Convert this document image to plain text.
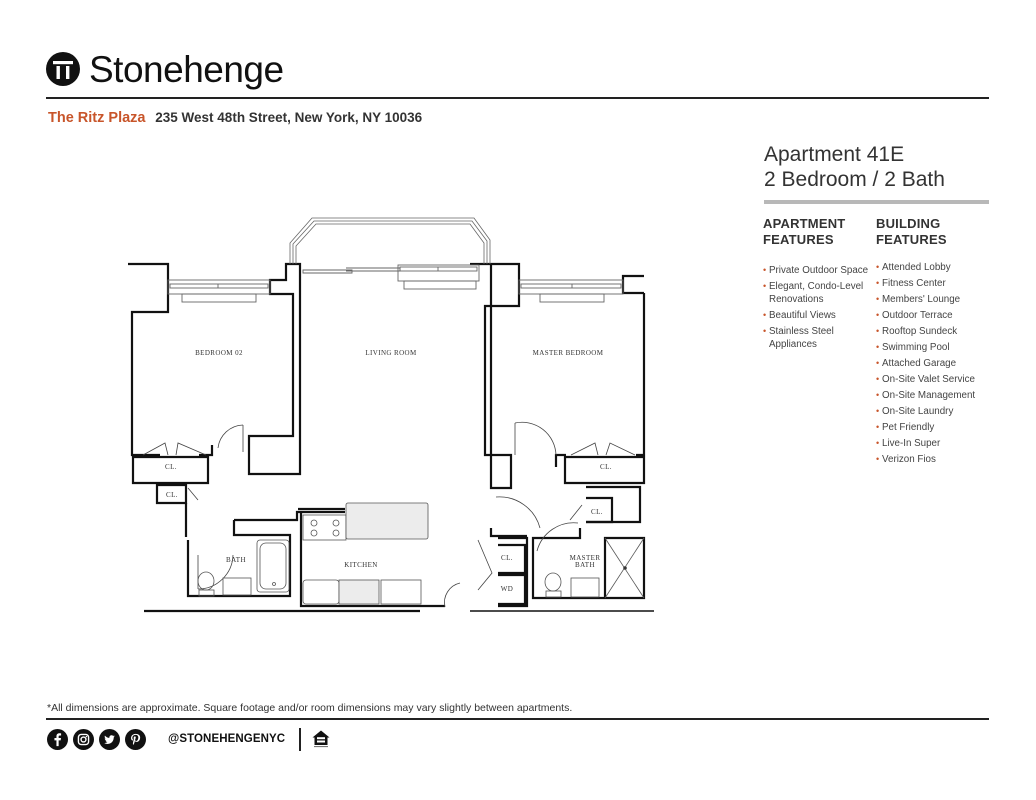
Stonehenge
The Ritz Plaza 235 West 48th Street, New York, NY 10036
BEDROOM 02	LIVING ROOM	MASTER BEDROOM
KITCHEN
BATH	MASTER
BATH
CL.
CL.
CL.
CL.
CL.
WD
Apartment 41E
2 Bedroom / 2 Bath
APARTMENT
FEATURES
• Private Outdoor Space
• Elegant, Condo-Level
Renovations
• Beautiful Views
• Stainless Steel
Appliances
BUILDING
FEATURES
• Attended Lobby
• Fitness Center
• Members' Lounge
• Outdoor Terrace
• Rooftop Sundeck
• Swimming Pool
• Attached Garage
• On-Site Valet Service
• On-Site Management
• On-Site Laundry
• Pet Friendly
• Live-In Super
• Verizon Fios
*All dimensions are approximate. Square footage and/or room dimensions may vary slightly between apartments.
@STONEHENGENYC
